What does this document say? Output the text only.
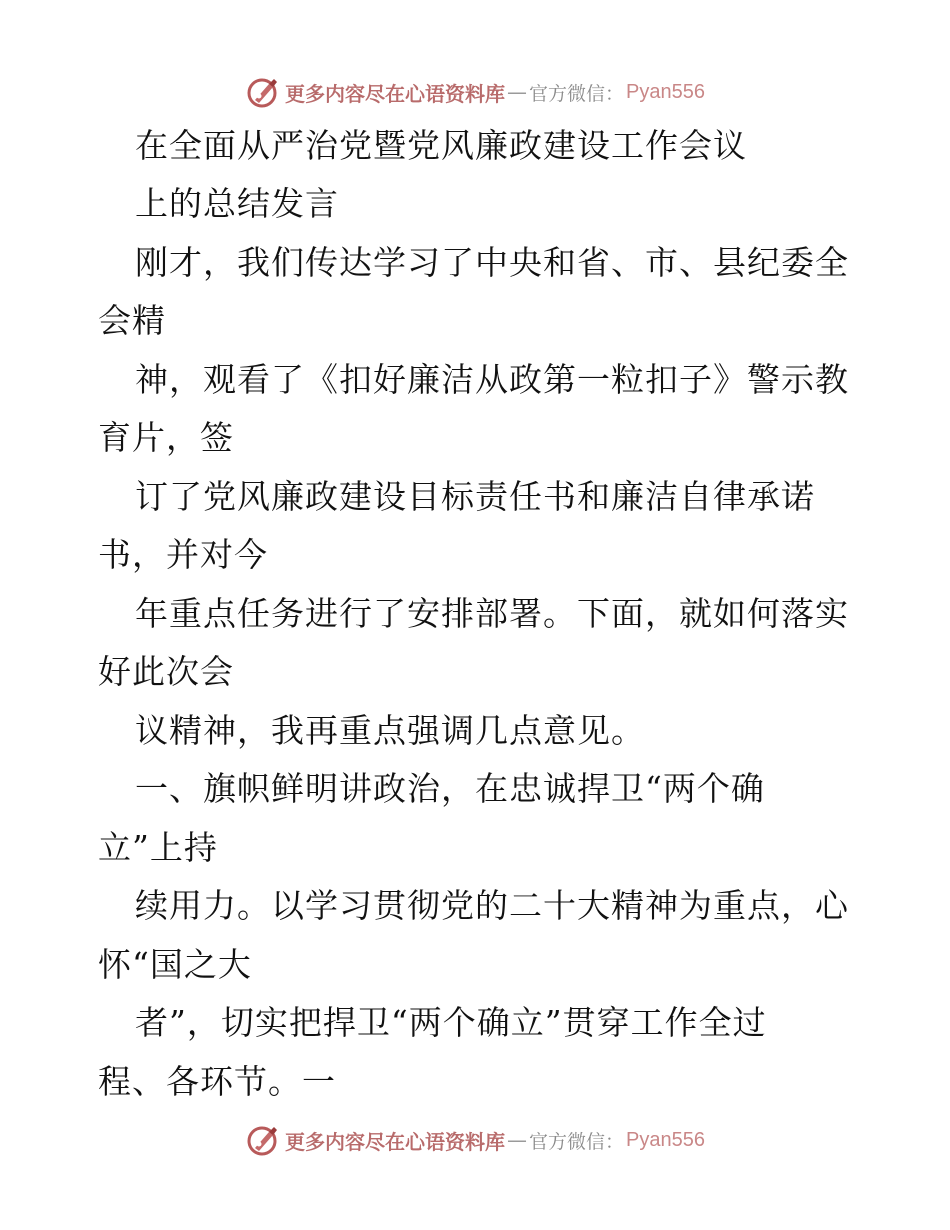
更多内容尽在心语资料库 — 官方微信： Pyan556
在全面从严治党暨党风廉政建设工作会议
上的总结发言
刚才，我们传达学习了中央和省、市、县纪委全
会精
神，观看了《扣好廉洁从政第一粒扣子》警示教
育片，签
订了党风廉政建设目标责任书和廉洁自律承诺
书，并对今
年重点任务进行了安排部署。下面，就如何落实
好此次会
议精神，我再重点强调几点意见。
一、旗帜鲜明讲政治，在忠诚捍卫“两个确
立”上持
续用力。以学习贯彻党的二十大精神为重点，心
怀“国之大
者”，切实把捍卫“两个确立”贯穿工作全过
程、各环节。一
更多内容尽在心语资料库 — 官方微信： Pyan556
